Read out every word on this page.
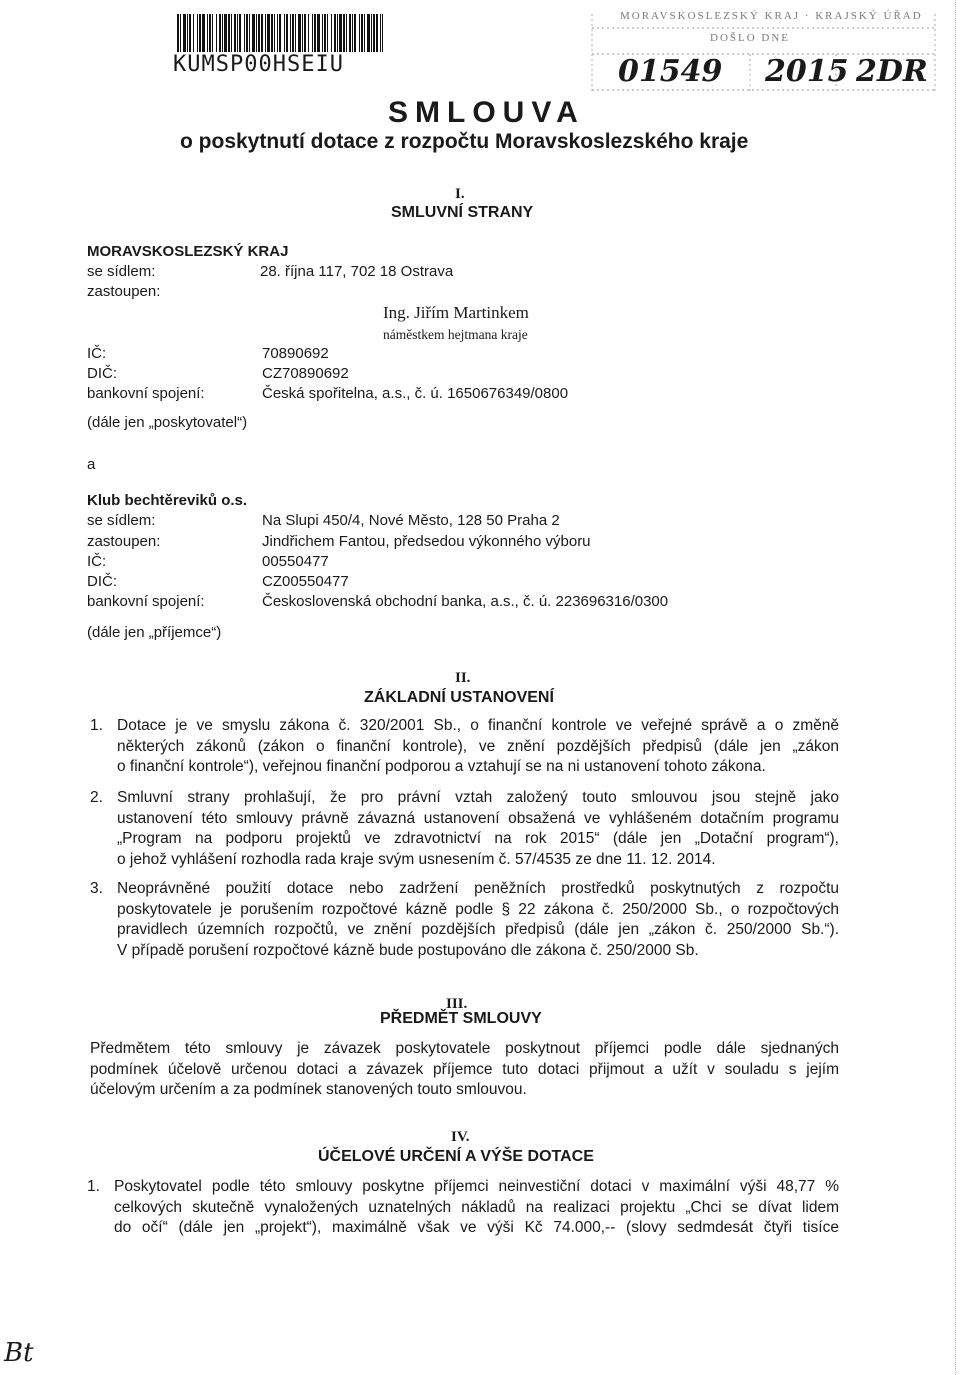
KUMSP00HSEIU
MORAVSKOSLEZSKÝ KRAJ · KRAJSKÝ ÚŘAD
DOŠLO DNE
01549 2015 2DR
SMLOUVA
o poskytnutí dotace z rozpočtu Moravskoslezského kraje
I.
SMLUVNÍ STRANY
MORAVSKOSLEZSKÝ KRAJ
se sídlem:	28. října 117, 702 18 Ostrava
zastoupen:
Ing. Jiřím Martinkem
náměstkem hejtmana kraje
IČ:	70890692
DIČ:	CZ70890692
bankovní spojení:	Česká spořitelna, a.s., č. ú. 1650676349/0800
(dále jen „poskytovatel“)
a
Klub bechtěreviků o.s.
se sídlem:	Na Slupi 450/4, Nové Město, 128 50 Praha 2
zastoupen:	Jindřichem Fantou, předsedou výkonného výboru
IČ:	00550477
DIČ:	CZ00550477
bankovní spojení:	Československá obchodní banka, a.s., č. ú. 223696316/0300
(dále jen „příjemce“)
II.
ZÁKLADNÍ USTANOVENÍ
1. Dotace je ve smyslu zákona č. 320/2001 Sb., o finanční kontrole ve veřejné správě a o změně
některých zákonů (zákon o finanční kontrole), ve znění pozdějších předpisů (dále jen „zákon
o finanční kontrole“), veřejnou finanční podporou a vztahují se na ni ustanovení tohoto zákona.
2. Smluvní strany prohlašují, že pro právní vztah založený touto smlouvou jsou stejně jako
ustanovení této smlouvy právně závazná ustanovení obsažená ve vyhlášeném dotačním programu
„Program na podporu projektů ve zdravotnictví na rok 2015“ (dále jen „Dotační program“),
o jehož vyhlášení rozhodla rada kraje svým usnesením č. 57/4535 ze dne 11. 12. 2014.
3. Neoprávněné použití dotace nebo zadržení peněžních prostředků poskytnutých z rozpočtu
poskytovatele je porušením rozpočtové kázně podle § 22 zákona č. 250/2000 Sb., o rozpočtových
pravidlech územních rozpočtů, ve znění pozdějších předpisů (dále jen „zákon č. 250/2000 Sb.“).
V případě porušení rozpočtové kázně bude postupováno dle zákona č. 250/2000 Sb.
III.
PŘEDMĚT SMLOUVY
Předmětem této smlouvy je závazek poskytovatele poskytnout příjemci podle dále sjednaných
podmínek účelově určenou dotaci a závazek příjemce tuto dotaci přijmout a užít v souladu s jejím
účelovým určením a za podmínek stanovených touto smlouvou.
IV.
ÚČELOVÉ URČENÍ A VÝŠE DOTACE
1. Poskytovatel podle této smlouvy poskytne příjemci neinvestiční dotaci v maximální výši 48,77 %
celkových skutečně vynaložených uznatelných nákladů na realizaci projektu „Chci se dívat lidem
do očí“ (dále jen „projekt“), maximálně však ve výši Kč 74.000,-- (slovy sedmdesát čtyři tisíce
Bt
